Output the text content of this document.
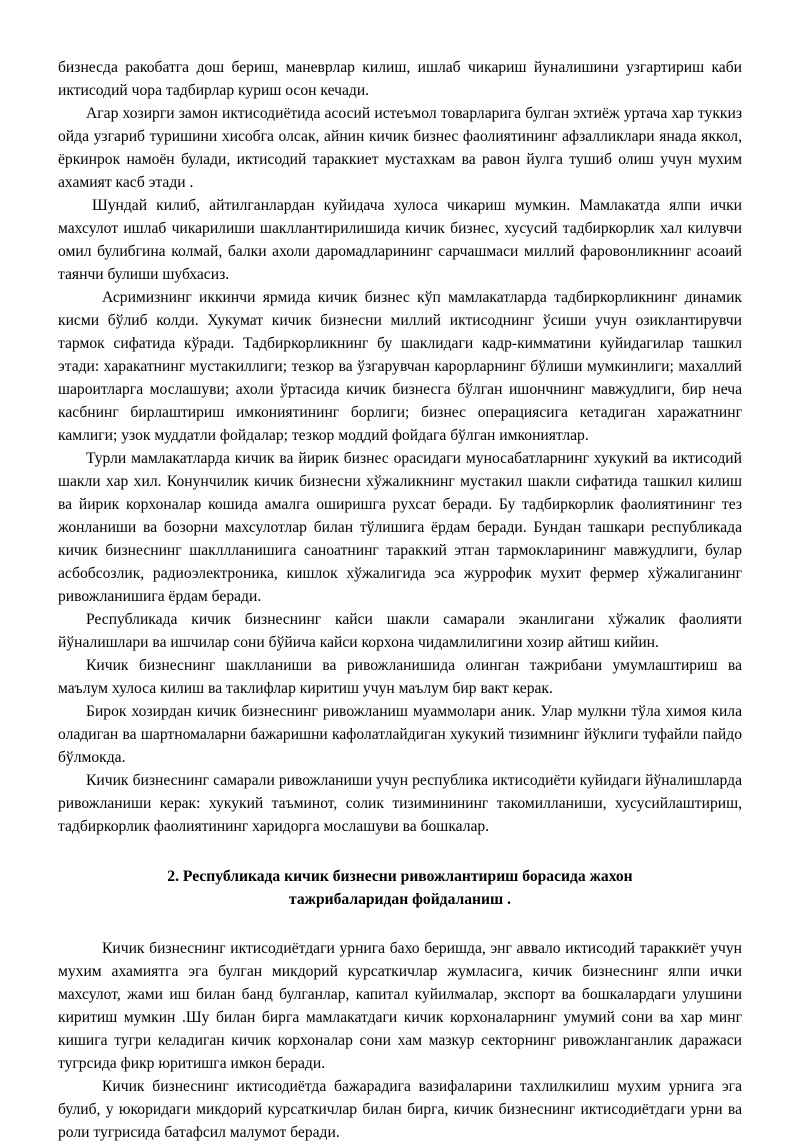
бизнесда ракобатга дош бериш, маневрлар килиш, ишлаб чикариш йуналишини узгартириш каби иктисодий чора тадбирлар куриш осон кечади.

Агар хозирги замон иктисодиётида асосий истеъмол товарларига булган эхтиёж уртача хар туккиз ойда узгариб туришини хисобга олсак, айнин кичик бизнес фаолиятининг афзалликлари янада яккол, ёркинрок намоён булади, иктисодий тараккиет мустахкам ва равон йулга тушиб олиш учун мухим ахамият касб этади .

Шундай килиб, айтилганлардан куйидача хулоса чикариш мумкин. Мамлакатда ялпи ички махсулот ишлаб чикарилиши шакллантирилишида кичик бизнес, хусусий тадбиркорлик хал килувчи омил булибгина колмай, балки ахоли даромадларининг сарчашмаси миллий фаровонликнинг асоаий таянчи булиши шубхасиз.

Асримизнинг иккинчи ярмида кичик бизнес кўп мамлакатларда тадбиркорликнинг динамик кисми бўлиб колди. Хукумат кичик бизнесни миллий иктисоднинг ўсиши учун озиклантирувчи тармок сифатида кўради. Тадбиркорликнинг бу шаклидаги кадр-кимматини куйидагилар ташкил этади: харакатнинг мустакиллиги; тезкор ва ўзгарувчан карорларнинг бўлиши мумкинлиги; махаллий шароитларга мослашуви; ахоли ўртасида кичик бизнесга бўлган ишончнинг мавжудлиги, бир неча касбнинг бирлаштириш имкониятининг борлиги; бизнес операциясига кетадиган харажатнинг камлиги; узок муддатли фойдалар; тезкор моддий фойдага бўлган имкониятлар.

Турли мамлакатларда кичик ва йирик бизнес орасидаги муносабатларнинг хукукий ва иктисодий шакли хар хил. Конунчилик кичик бизнесни хўжаликнинг мустакил шакли сифатида ташкил килиш ва йирик корхоналар кошида амалга оширишга рухсат беради. Бу тадбиркорлик фаолиятининг тез жонланиши ва бозорни махсулотлар билан тўлишига ёрдам беради. Бундан ташкари республикада кичик бизнеснинг шакллланишига саноатнинг тараккий этган тармокларининг мавжудлиги, булар асбобсозлик, радиоэлектроника, кишлок хўжалигида эса журрофик мухит фермер хўжалиганинг ривожланишига ёрдам беради.

Республикада кичик бизнеснинг кайси шакли самарали эканлигани хўжалик фаолияти йўналишлари ва ишчилар сони бўйича кайси корхона чидамлилигини хозир айтиш кийин.

Кичик бизнеснинг шаклланиши ва ривожланишида олинган тажрибани умумлаштириш ва маълум хулоса килиш ва таклифлар киритиш учун маълум бир вакт керак.

Бирок хозирдан кичик бизнеснинг ривожланиш муаммолари аник. Улар мулкни тўла химоя кила оладиган ва шартномаларни бажаришни кафолатлайдиган хукукий тизимнинг йўклиги туфайли пайдо бўлмокда.

Кичик бизнеснинг самарали ривожланиши учун республика иктисодиёти куйидаги йўналишларда ривожланиши керак: хукукий таъминот, солик тизиминининг такомилланиши, хусусийлаштириш, тадбиркорлик фаолиятининг харидорга мослашуви ва бошкалар.

2. Республикада кичик бизнесни ривожлантириш борасида жахон
тажрибаларидан фойдаланиш .

Кичик бизнеснинг иктисодиётдаги урнига бахо беришда, энг аввало иктисодий тараккиёт учун мухим ахамиятга эга булган микдорий курсаткичлар жумласига, кичик бизнеснинг ялпи ички махсулот, жами иш билан банд булганлар, капитал куйилмалар, экспорт ва бошкалардаги улушини киритиш мумкин .Шу билан бирга мамлакатдаги кичик корхоналарнинг умумий сони ва хар минг кишига тугри келадиган кичик корхоналар сони хам мазкур секторнинг ривожланганлик даражаси тугрсида фикр юритишга имкон беради.

Кичик бизнеснинг иктисодиётда бажарадига вазифаларини тахлилкилиш мухим урнига эга булиб, у юкоридаги микдорий курсаткичлар билан бирга, кичик бизнеснинг иктисодиётдаги урни ва роли тугрисида батафсил малумот беради.
